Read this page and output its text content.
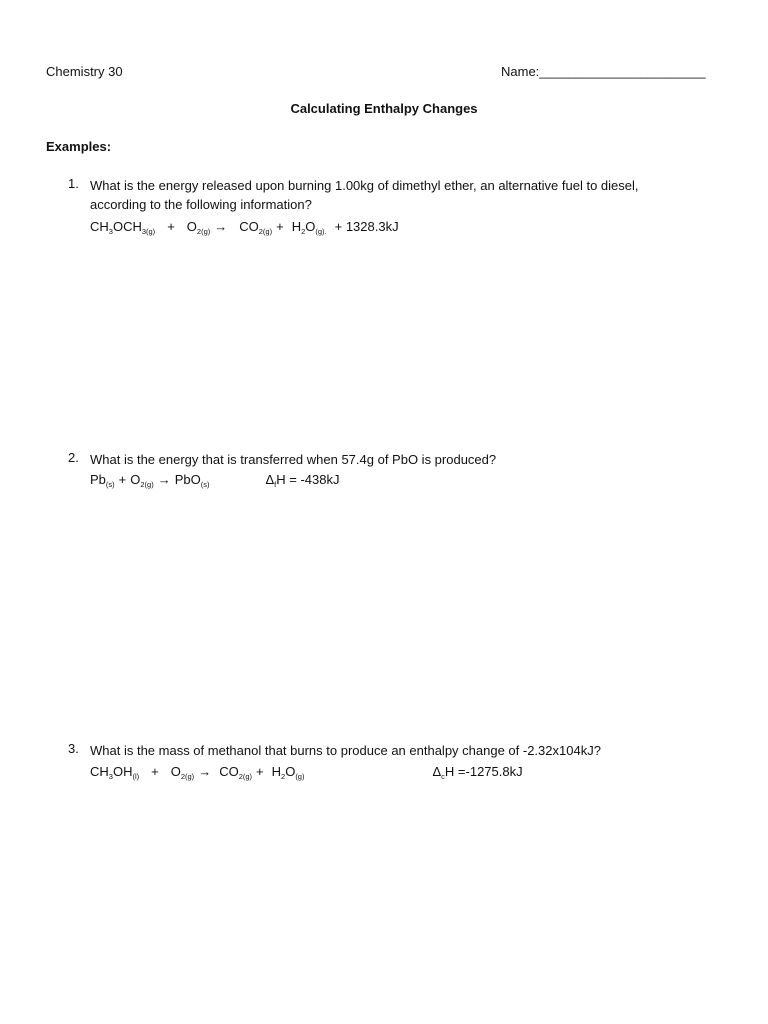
Chemistry 30	Name:_______________________
Calculating Enthalpy Changes
Examples:
1. What is the energy released upon burning 1.00kg of dimethyl ether, an alternative fuel to diesel,
according to the following information?
$CH_3OCH_{3(g)} + O_{2(g)} \to CO_{2(g)} + H_2O_{(g).} + 1328.3kJ$
2. What is the energy that is transferred when 57.4g of PbO is produced?
$Pb_{(s)} + O_{2(g)} \to PbO_{(s)}$	$\Delta_fH = -438kJ$
3. What is the mass of methanol that burns to produce an enthalpy change of -2.32x104kJ?
$CH_3OH_{(l)} + O_{2(g)} \to CO_{2(g)} + H_2O_{(g)}$	$\Delta_cH =-1275.8kJ$
